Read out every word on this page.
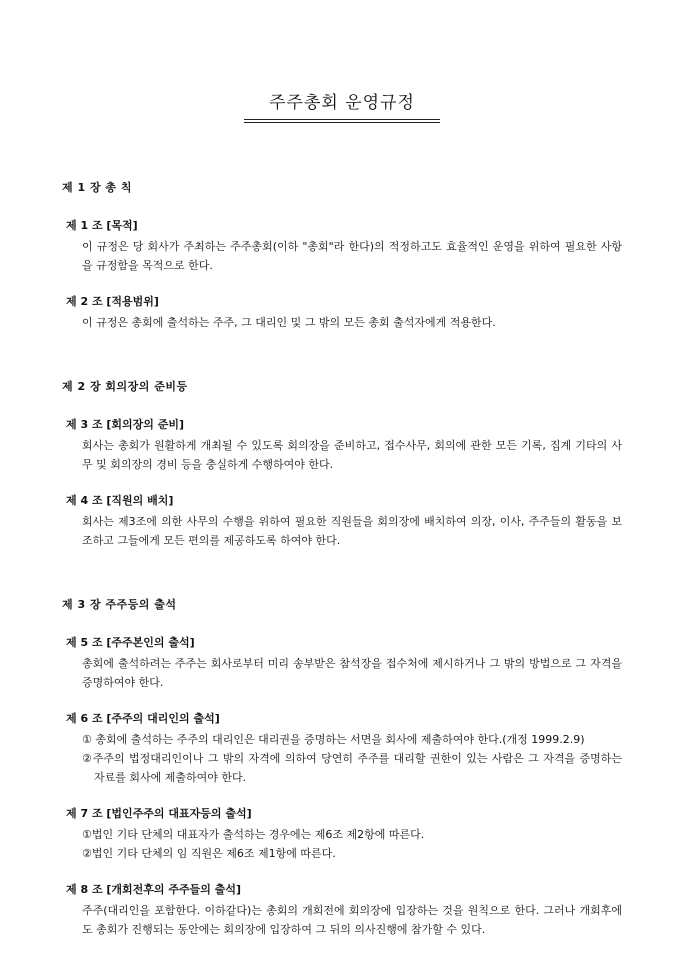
주주총회 운영규정
제 1 장 총 칙
제 1 조 [목적]

이 규정은 당 회사가 주최하는 주주총회(이하 "총회"라 한다)의 적정하고도 효율적인 운영을 위하여 필요한 사항을 규정함을 목적으로 한다.

제 2 조 [적용범위]

이 규정은 총회에 출석하는 주주, 그 대리인 및 그 밖의 모든 총회 출석자에게 적용한다.

제 2 장 회의장의 준비등
제 3 조 [회의장의 준비]

회사는 총회가 원활하게 개최될 수 있도록 회의장을 준비하고, 접수사무, 회의에 관한 모든 기록, 집계 기타의 사무 및 회의장의 경비 등을 충실하게 수행하여야 한다.

제 4 조 [직원의 배치]

회사는 제3조에 의한 사무의 수행을 위하여 필요한 직원들을 회의장에 배치하여 의장, 이사, 주주들의 활동을 보조하고 그들에게 모든 편의를 제공하도록 하여야 한다.

제 3 장 주주등의 출석
제 5 조 [주주본인의 출석]

총회에 출석하려는 주주는 회사로부터 미리 송부받은 참석장을 접수처에 제시하거나 그 밖의 방법으로 그 자격을 증명하여야 한다.

제 6 조 [주주의 대리인의 출석]
① 총회에 출석하는 주주의 대리인은 대리권을 증명하는 서면을 회사에 제출하여야 한다.(개정 1999.2.9)
②주주의 법정대리인이나 그 밖의 자격에 의하여 당연히 주주를 대리할 권한이 있는 사람은 그 자격을 증명하는 자료를 회사에 제출하여야 한다.
제 7 조 [법인주주의 대표자등의 출석]
①법인 기타 단체의 대표자가 출석하는 경우에는 제6조 제2항에 따른다.
②법인 기타 단체의 임 직원은 제6조 제1항에 따른다.
제 8 조 [개회전후의 주주들의 출석]

주주(대리인을 포함한다. 이하같다)는 총회의 개회전에 회의장에 입장하는 것을 원칙으로 한다. 그러나 개회후에도 총회가 진행되는 동안에는 회의장에 입장하여 그 뒤의 의사진행에 참가할 수 있다.
